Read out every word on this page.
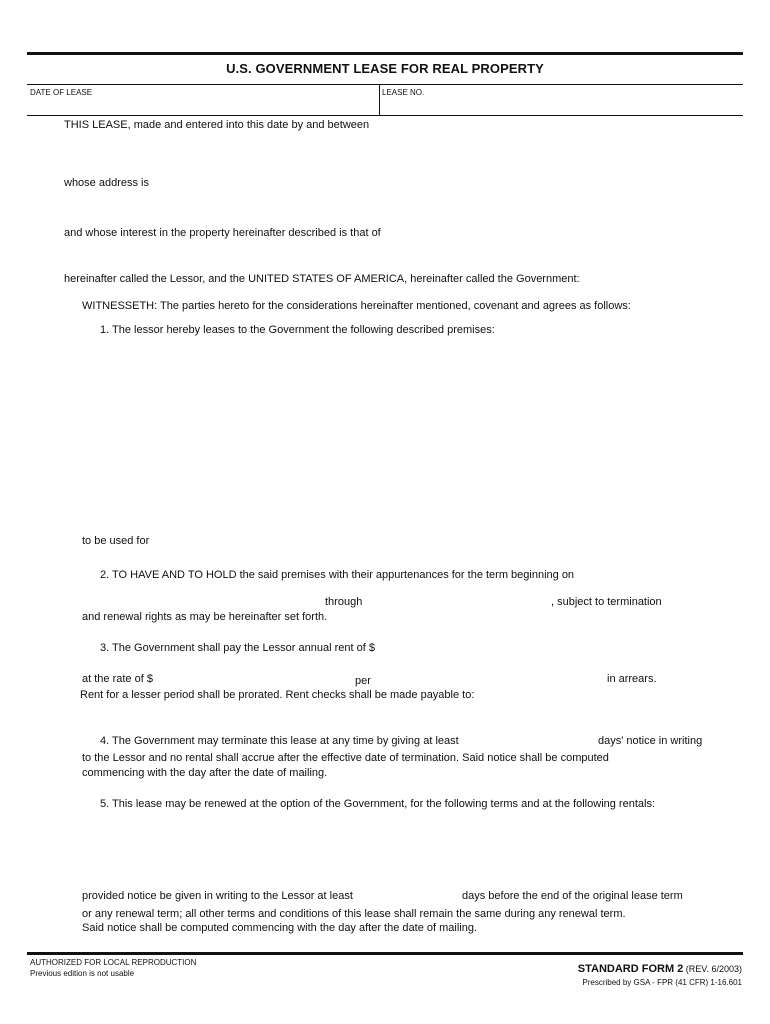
U.S. GOVERNMENT LEASE FOR REAL PROPERTY
DATE OF LEASE	LEASE NO.
THIS LEASE, made and entered into this date by and between
whose address is
and whose interest in the property hereinafter described is that of
hereinafter called the Lessor, and the UNITED STATES OF AMERICA, hereinafter called the Government:
WITNESSETH: The parties hereto for the considerations hereinafter mentioned, covenant and agrees as follows:
1. The lessor hereby leases to the Government the following described premises:
to be used for
2. TO HAVE AND TO HOLD the said premises with their appurtenances for the term beginning on
through	, subject to termination
and renewal rights as may be hereinafter set forth.
3. The Government shall pay the Lessor annual rent of $
at the rate of $	per	in arrears.
Rent for a lesser period shall be prorated. Rent checks shall be made payable to:
4. The Government may terminate this lease at any time by giving at least	days' notice in writing
to the Lessor and no rental shall accrue after the effective date of termination. Said notice shall be computed
commencing with the day after the date of mailing.
5. This lease may be renewed at the option of the Government, for the following terms and at the following rentals:
provided notice be given in writing to the Lessor at least	days before the end of the original lease term
or any renewal term; all other terms and conditions of this lease shall remain the same during any renewal term.
Said notice shall be computed commencing with the day after the date of mailing.
AUTHORIZED FOR LOCAL REPRODUCTION
Previous edition is not usable	STANDARD FORM 2 (REV. 6/2003)
Prescribed by GSA - FPR (41 CFR) 1-16.601
